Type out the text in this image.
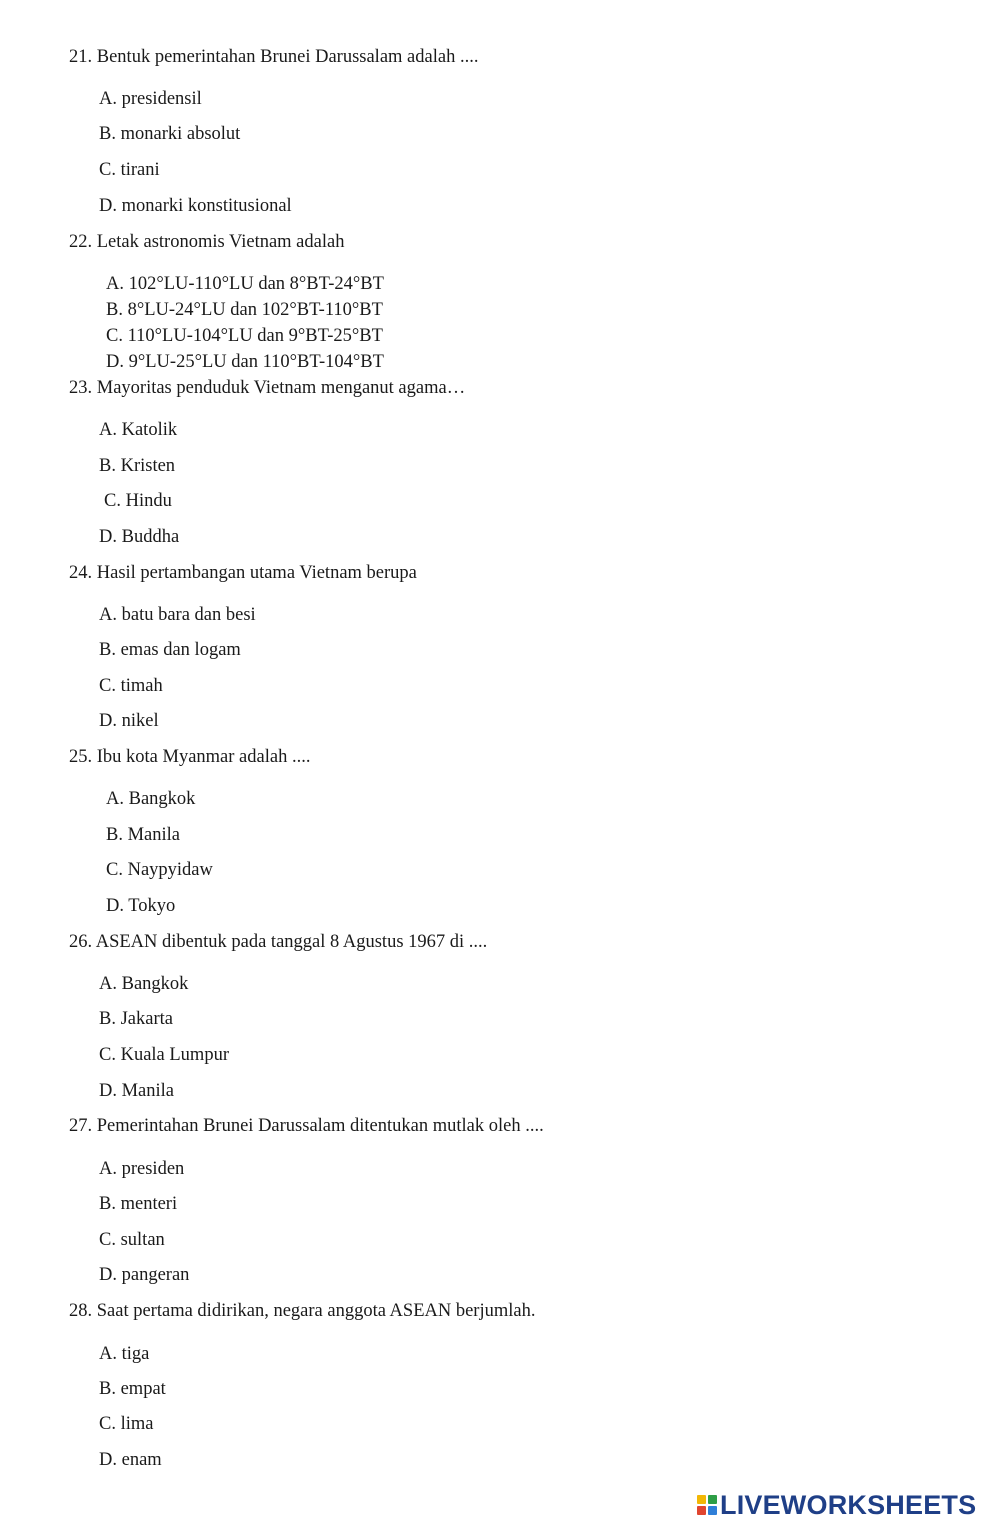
21. Bentuk pemerintahan Brunei Darussalam adalah ....
A. presidensil
B. monarki absolut
C. tirani
D. monarki konstitusional
22. Letak astronomis Vietnam adalah
A. 102°LU-110°LU dan 8°BT-24°BT
B. 8°LU-24°LU dan 102°BT-110°BT
C. 110°LU-104°LU dan 9°BT-25°BT
D. 9°LU-25°LU dan 110°BT-104°BT
23. Mayoritas penduduk Vietnam menganut agama…
A. Katolik
B. Kristen
C. Hindu
D. Buddha
24. Hasil pertambangan utama Vietnam berupa
A. batu bara dan besi
B. emas dan logam
C. timah
D. nikel
25. Ibu kota Myanmar adalah ....
A. Bangkok
B. Manila
C. Naypyidaw
D. Tokyo
26. ASEAN dibentuk pada tanggal 8 Agustus 1967 di ....
A. Bangkok
B. Jakarta
C. Kuala Lumpur
D. Manila
27. Pemerintahan Brunei Darussalam ditentukan mutlak oleh ....
A. presiden
B. menteri
C. sultan
D. pangeran
28. Saat pertama didirikan, negara anggota ASEAN berjumlah.
A. tiga
B. empat
C. lima
D. enam
LIVEWORKSHEETS
